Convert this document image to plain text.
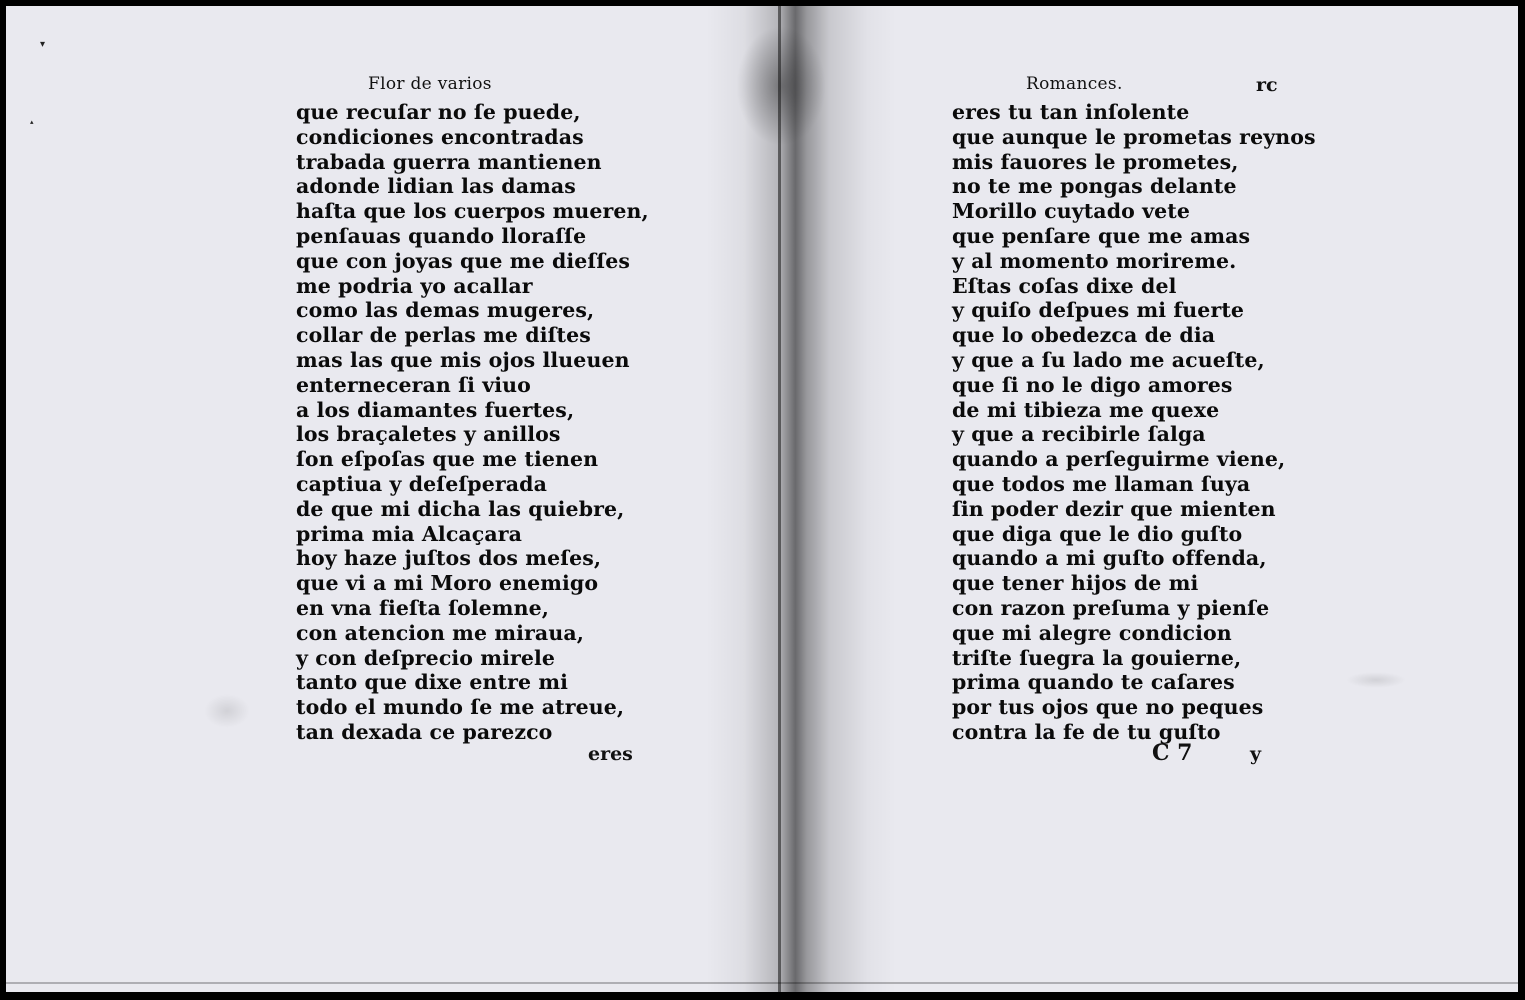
▾
▴
Flor de varios
que recuſar no ſe puede,
condiciones encontradas
trabada guerra mantienen
adonde lidian las damas
haſta que los cuerpos mueren,
penſauas quando lloraſſe
que con joyas que me dieſſes
me podria yo acallar
como las demas mugeres,
collar de perlas me diſtes
mas las que mis ojos llueuen
enterneceran ſi viuo
a los diamantes fuertes,
los braçaletes y anillos
ſon eſpoſas que me tienen
captiua y deſeſperada
de que mi dicha las quiebre,
prima mia Alcaçara
hoy haze juſtos dos meſes,
que vi a mi Moro enemigo
en vna fieſta ſolemne,
con atencion me miraua,
y con deſprecio mirele
tanto que dixe entre mi
todo el mundo ſe me atreue,
tan dexada ce parezco
eres
Romances.	rc
eres tu tan inſolente
que aunque le prometas reynos
mis fauores le prometes,
no te me pongas delante
Morillo cuytado vete
que penſare que me amas
y al momento morireme.
Eſtas coſas dixe del
y quiſo deſpues mi fuerte
que lo obedezca de dia
y que a ſu lado me acueſte,
que ſi no le digo amores
de mi tibieza me quexe
y que a recibirle ſalga
quando a perſeguirme viene,
que todos me llaman ſuya
ſin poder dezir que mienten
que diga que le dio guſto
quando a mi guſto offenda,
que tener hijos de mi
con razon preſuma y pienſe
que mi alegre condicion
triſte ſuegra la gouierne,
prima quando te caſares
por tus ojos que no peques
contra la fe de tu guſto
C 7	y
